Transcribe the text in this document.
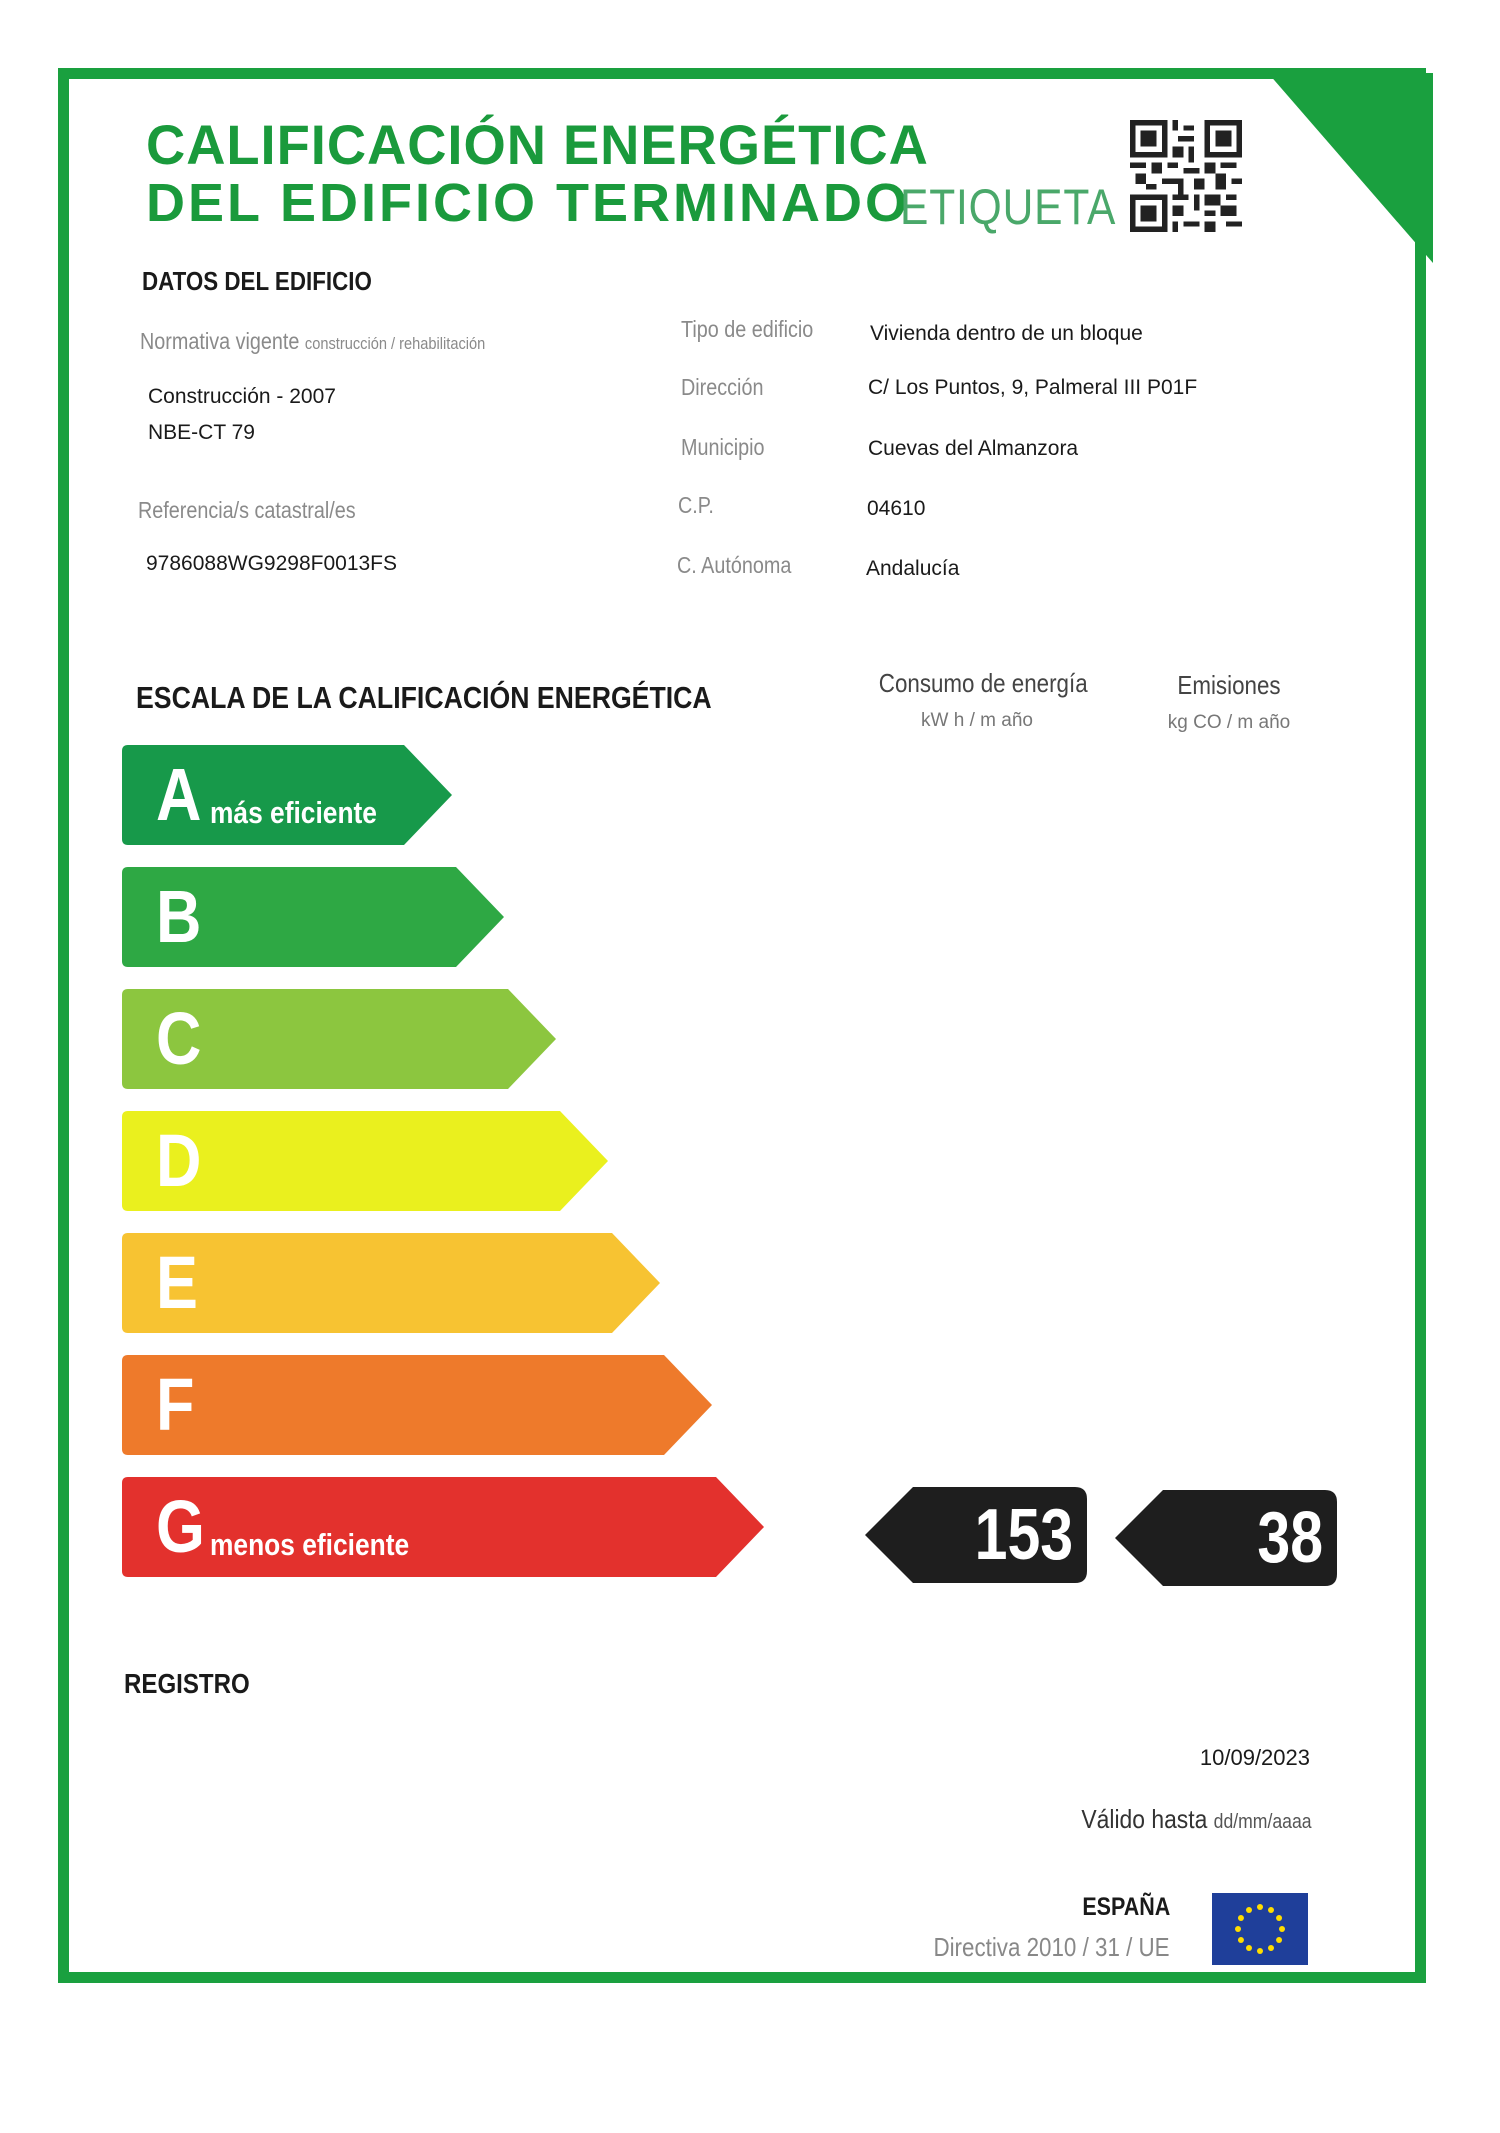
CALIFICACIÓN ENERGÉTICA
DEL EDIFICIO TERMINADO
ETIQUETA
DATOS DEL EDIFICIO
Normativa vigente construcción / rehabilitación
Construcción - 2007
NBE-CT 79
Referencia/s catastral/es
9786088WG9298F0013FS
Tipo de edificio	Vivienda dentro de un bloque
Dirección	C/ Los Puntos, 9, Palmeral III P01F
Municipio	Cuevas del Almanzora
C.P.	04610
C. Autónoma	Andalucía
ESCALA DE LA CALIFICACIÓN ENERGÉTICA	Consumo de energía
kW h / m año
Emisiones
kg CO / m año
A más eficiente
B
C
D
E
F
G menos eficiente	153	38
REGISTRO
10/09/2023
Válido hasta dd/mm/aaaa
ESPAÑA
Directiva 2010 / 31 / UE
